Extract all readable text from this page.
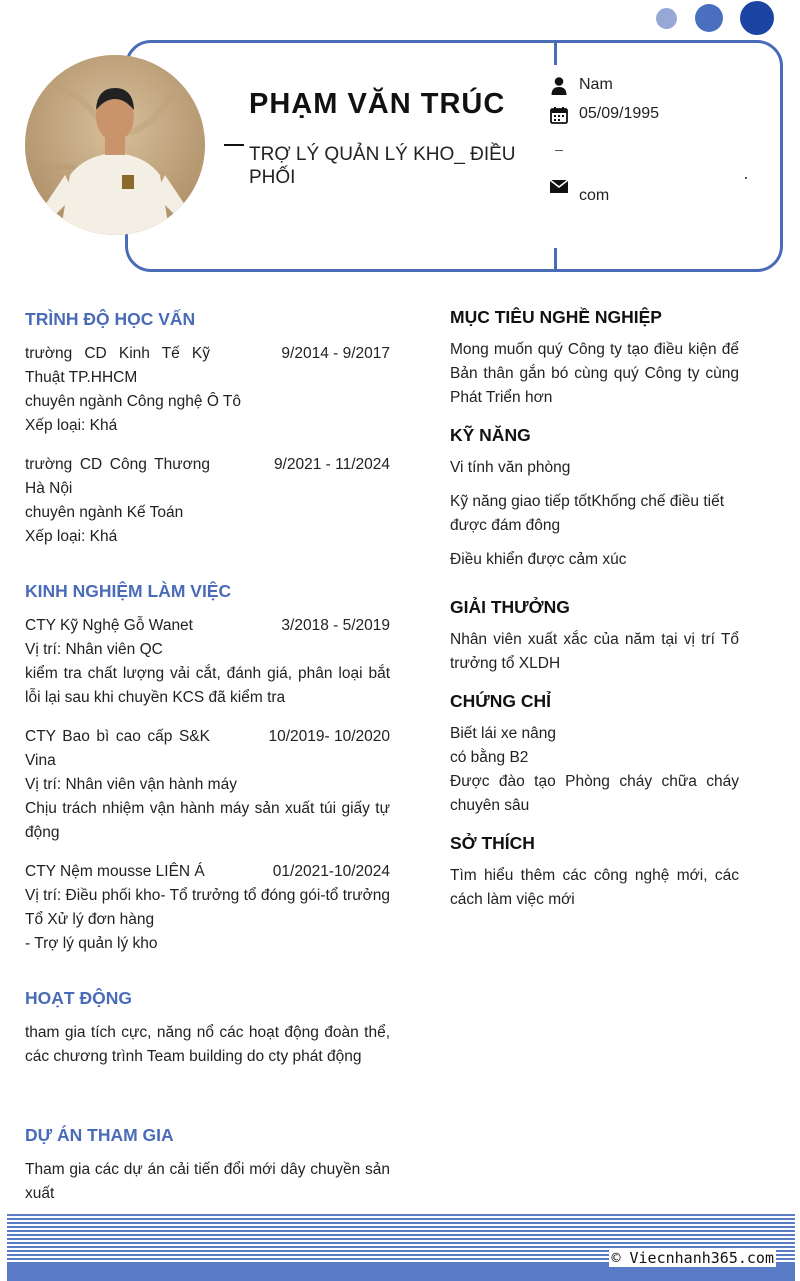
PHẠM VĂN TRÚC
TRỢ LÝ QUẢN LÝ KHO_ ĐIỀU PHỐI
Nam
05/09/1995
com
TRÌNH ĐỘ HỌC VẤN
trường CD Kinh Tế Kỹ Thuật TP.HHCM
9/2014 - 9/2017
chuyên ngành Công nghệ Ô Tô
Xếp loại: Khá
trường CD Công Thương Hà Nội
9/2021 - 11/2024
chuyên ngành Kế Toán
Xếp loại: Khá
KINH NGHIỆM LÀM VIỆC
CTY Kỹ Nghệ Gỗ Wanet	3/2018 - 5/2019
Vị trí: Nhân viên QC
kiểm tra chất lượng vải cắt, đánh giá, phân loại bắt lỗi lại sau khi chuyền KCS đã kiểm tra
CTY Bao bì cao cấp S&K Vina
10/2019- 10/2020
Vị trí: Nhân viên vận hành máy
Chịu trách nhiệm vận hành máy sản xuất túi giấy tự động
CTY Nệm mousse LIÊN Á	01/2021-10/2024
Vị trí: Điều phối kho- Tổ trưởng tổ đóng gói-tổ trưởng Tổ Xử lý đơn hàng
- Trợ lý quản lý kho
HOẠT ĐỘNG
tham gia tích cực, năng nổ các hoạt động đoàn thể, các chương trình Team building do cty phát động
DỰ ÁN THAM GIA
Tham gia các dự án cải tiến đổi mới dây chuyền sản xuất
MỤC TIÊU NGHỀ NGHIỆP
Mong muốn quý Công ty tạo điều kiện để Bản thân gắn bó cùng quý Công ty cùng Phát Triển hơn
KỸ NĂNG
Vi tính văn phòng
Kỹ năng giao tiếp tốtKhống chế điều tiết được đám đông
Điều khiển được cảm xúc
GIẢI THƯỞNG
Nhân viên xuất xắc của năm tại vị trí Tổ trưởng tổ XLDH
CHỨNG CHỈ
Biết lái xe nâng
có bằng B2
Được đào tạo Phòng cháy chữa cháy chuyên sâu
SỞ THÍCH
Tìm hiểu thêm các công nghệ mới, các cách làm việc mới
© Viecnhanh365.com
